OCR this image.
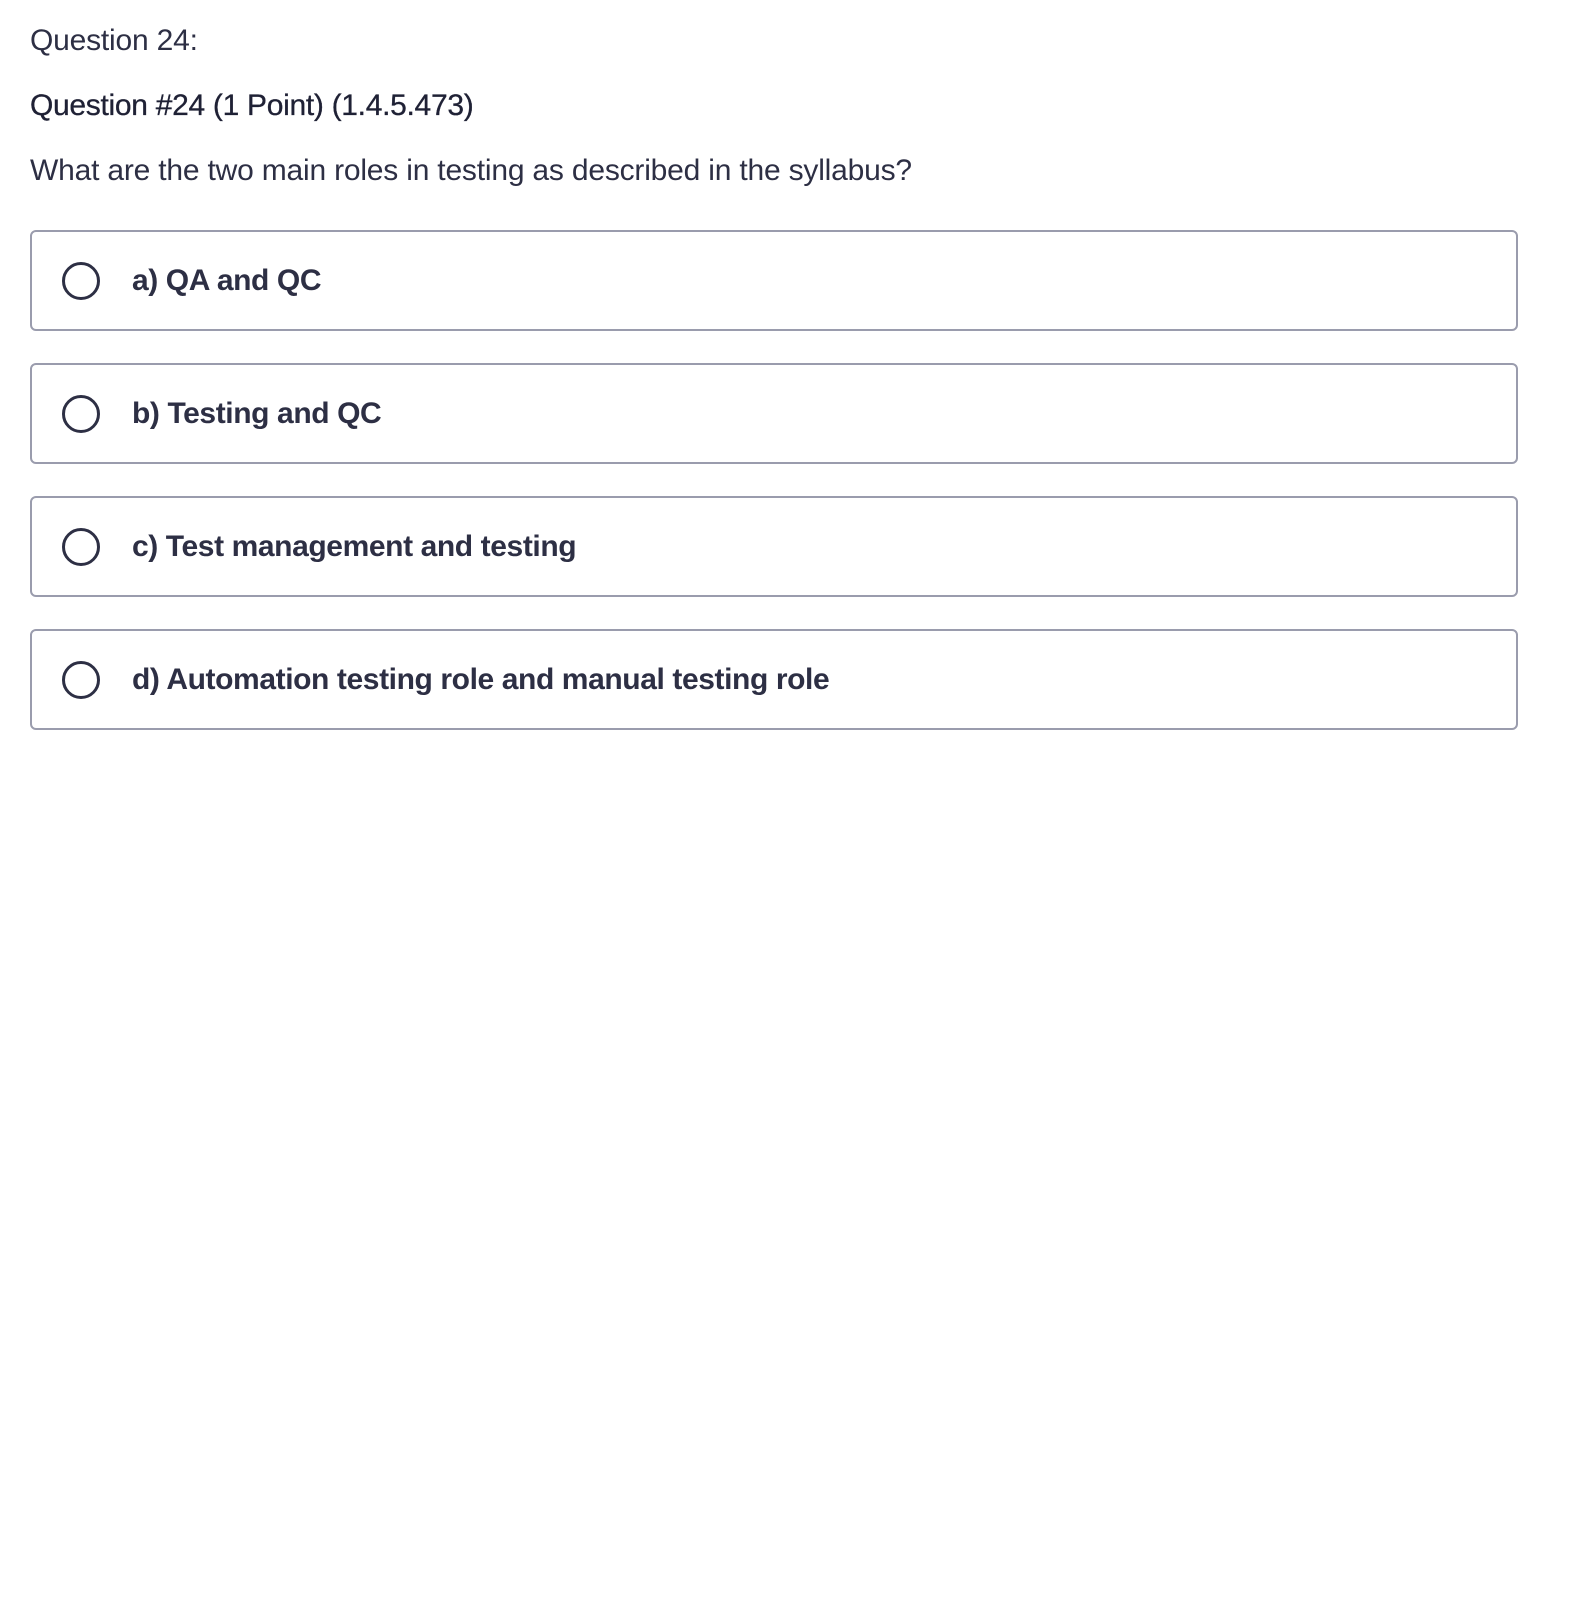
Question 24:
Question #24 (1 Point) (1.4.5.473)
What are the two main roles in testing as described in the syllabus?
a) QA and QC
b) Testing and QC
c) Test management and testing
d) Automation testing role and manual testing role
